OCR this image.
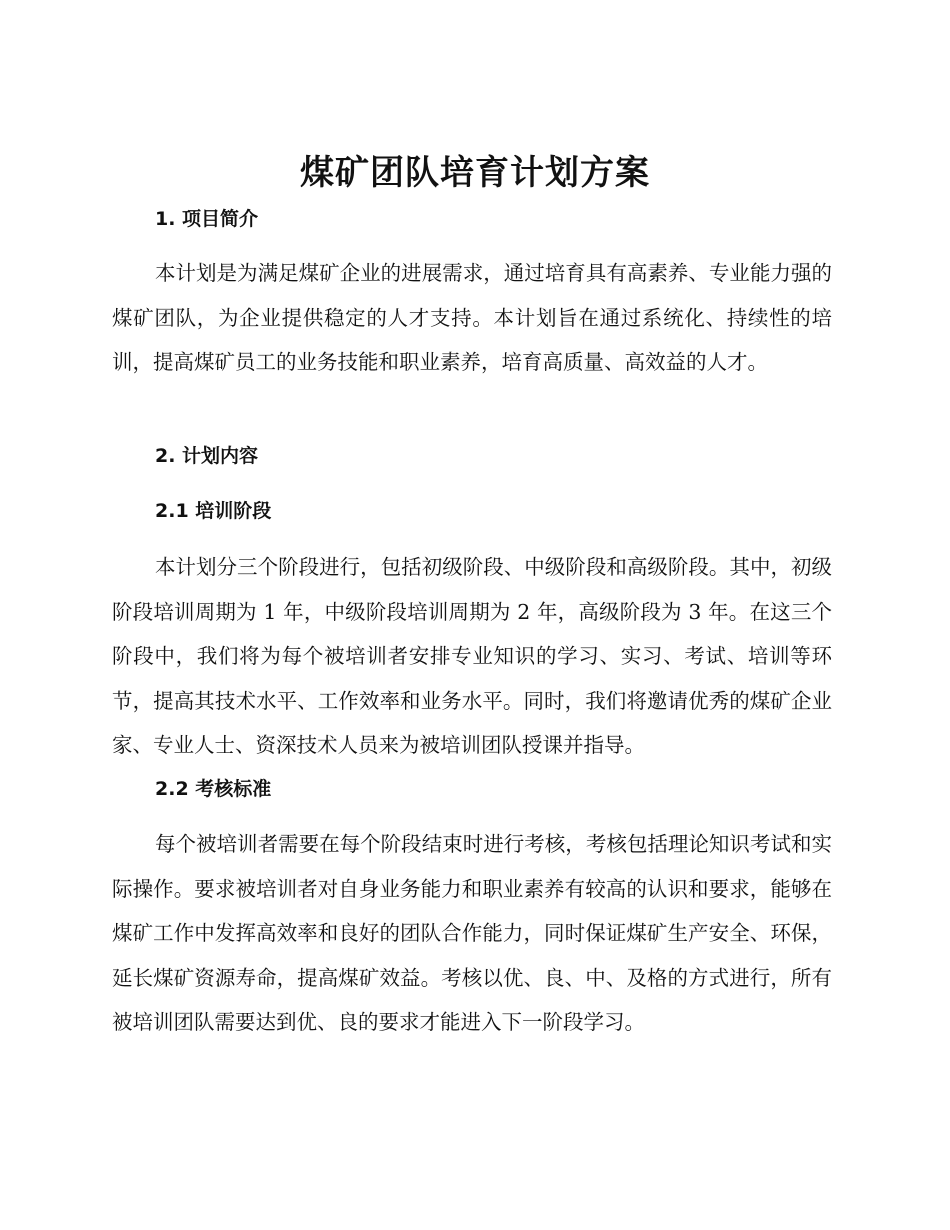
煤矿团队培育计划方案
1. 项目简介

本计划是为满足煤矿企业的进展需求，通过培育具有高素养、专业能力强的煤矿团队，为企业提供稳定的人才支持。本计划旨在通过系统化、持续性的培训，提高煤矿员工的业务技能和职业素养，培育高质量、高效益的人才。

2. 计划内容
2.1 培训阶段

本计划分三个阶段进行，包括初级阶段、中级阶段和高级阶段。其中，初级阶段培训周期为 1 年，中级阶段培训周期为 2 年，高级阶段为 3 年。在这三个阶段中，我们将为每个被培训者安排专业知识的学习、实习、考试、培训等环节，提高其技术水平、工作效率和业务水平。同时，我们将邀请优秀的煤矿企业家、专业人士、资深技术人员来为被培训团队授课并指导。

2.2 考核标准

每个被培训者需要在每个阶段结束时进行考核，考核包括理论知识考试和实际操作。要求被培训者对自身业务能力和职业素养有较高的认识和要求，能够在煤矿工作中发挥高效率和良好的团队合作能力，同时保证煤矿生产安全、环保，延长煤矿资源寿命，提高煤矿效益。考核以优、良、中、及格的方式进行，所有被培训团队需要达到优、良的要求才能进入下一阶段学习。
